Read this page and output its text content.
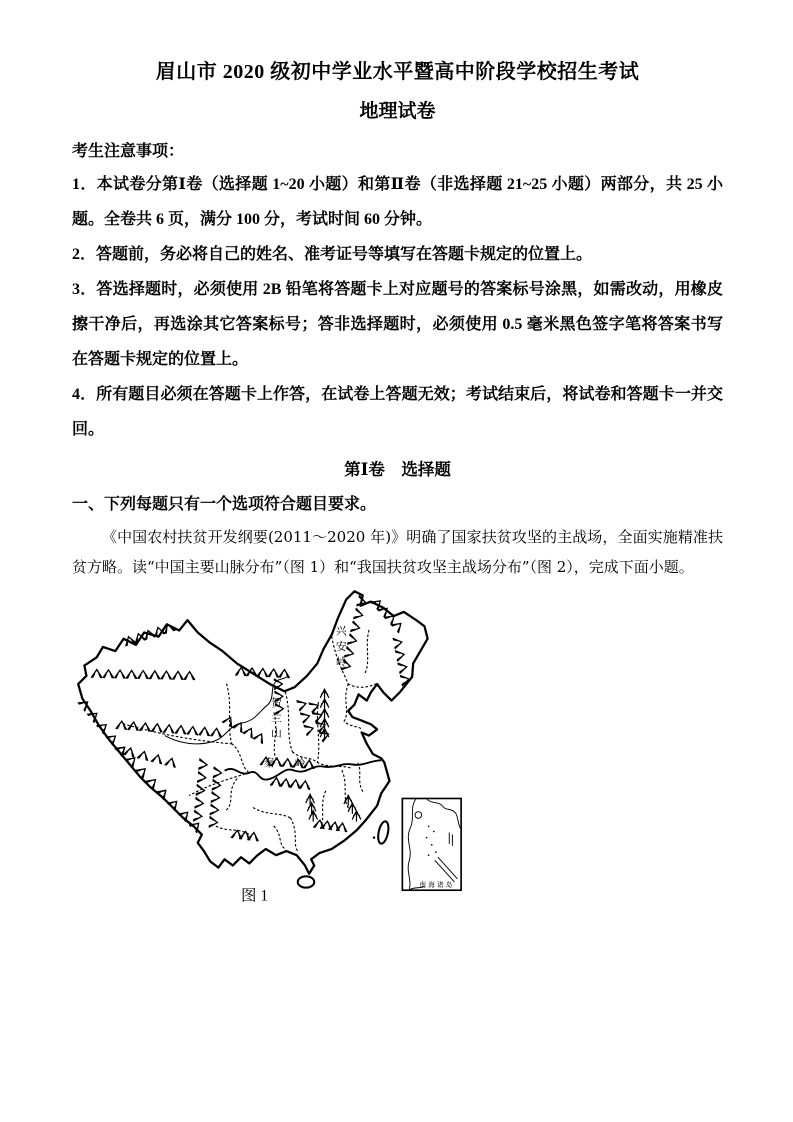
眉山市 2020 级初中学业水平暨高中阶段学校招生考试
地理试卷
考生注意事项：
1．本试卷分第Ⅰ卷（选择题 1~20 小题）和第Ⅱ卷（非选择题 21~25 小题）两部分，共 25 小题。全卷共 6 页，满分 100 分，考试时间 60 分钟。
2．答题前，务必将自己的姓名、准考证号等填写在答题卡规定的位置上。
3．答选择题时，必须使用 2B 铅笔将答题卡上对应题号的答案标号涂黑，如需改动，用橡皮擦干净后，再选涂其它答案标号；答非选择题时，必须使用 0.5 毫米黑色签字笔将答案书写在答题卡规定的位置上。
4．所有题目必须在答题卡上作答，在试卷上答题无效；考试结束后，将试卷和答题卡一并交回。
第Ⅰ卷　选择题
一、下列每题只有一个选项符合题目要求。
《中国农村扶贫开发纲要(2011～2020 年)》明确了国家扶贫攻坚的主战场，全面实施精准扶贫方略。读“中国主要山脉分布”（图 1）和“我国扶贫攻坚主战场分布”（图 2），完成下面小题。
兴安岭
贺兰山
秦 岭
南 海 诸 岛
图 1
